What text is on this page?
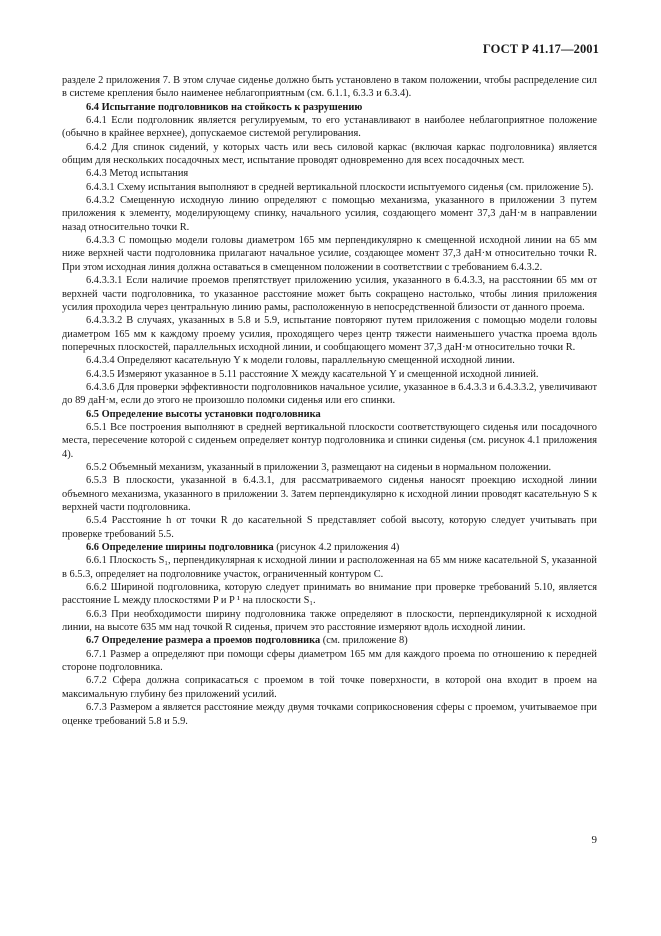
ГОСТ Р 41.17—2001

разделе 2 приложения 7. В этом случае сиденье должно быть установлено в таком положении, чтобы распределение сил в системе крепления было наименее неблагоприятным (см. 6.1.1, 6.3.3 и 6.3.4).

6.4 Испытание подголовников на стойкость к разрушению

6.4.1 Если подголовник является регулируемым, то его устанавливают в наиболее неблагоприятное положение (обычно в крайнее верхнее), допускаемое системой регулирования.

6.4.2 Для спинок сидений, у которых часть или весь силовой каркас (включая каркас подголовника) является общим для нескольких посадочных мест, испытание проводят одновременно для всех посадочных мест.

6.4.3 Метод испытания

6.4.3.1 Схему испытания выполняют в средней вертикальной плоскости испытуемого сиденья (см. приложение 5).

6.4.3.2 Смещенную исходную линию определяют с помощью механизма, указанного в приложении 3 путем приложения к элементу, моделирующему спинку, начального усилия, создающего момент 37,3 даН·м в направлении назад относительно точки R.

6.4.3.3 С помощью модели головы диаметром 165 мм перпендикулярно к смещенной исходной линии на 65 мм ниже верхней части подголовника прилагают начальное усилие, создающее момент 37,3 даН·м относительно точки R. При этом исходная линия должна оставаться в смещенном положении в соответствии с требованием 6.4.3.2.

6.4.3.3.1 Если наличие проемов препятствует приложению усилия, указанного в 6.4.3.3, на расстоянии 65 мм от верхней части подголовника, то указанное расстояние может быть сокращено настолько, чтобы линия приложения усилия проходила через центральную линию рамы, расположенную в непосредственной близости от данного проема.

6.4.3.3.2 В случаях, указанных в 5.8 и 5.9, испытание повторяют путем приложения с помощью модели головы диаметром 165 мм к каждому проему усилия, проходящего через центр тяжести наименьшего участка проема вдоль поперечных плоскостей, параллельных исходной линии, и сообщающего момент 37,3 даН·м относительно точки R.

6.4.3.4 Определяют касательную Y к модели головы, параллельную смещенной исходной линии.

6.4.3.5 Измеряют указанное в 5.11 расстояние X между касательной Y и смещенной исходной линией.

6.4.3.6 Для проверки эффективности подголовников начальное усилие, указанное в 6.4.3.3 и 6.4.3.3.2, увеличивают до 89 даН·м, если до этого не произошло поломки сиденья или его спинки.

6.5 Определение высоты установки подголовника

6.5.1 Все построения выполняют в средней вертикальной плоскости соответствующего сиденья или посадочного места, пересечение которой с сиденьем определяет контур подголовника и спинки сиденья (см. рисунок 4.1 приложения 4).

6.5.2 Объемный механизм, указанный в приложении 3, размещают на сиденьи в нормальном положении.

6.5.3 В плоскости, указанной в 6.4.3.1, для рассматриваемого сиденья наносят проекцию исходной линии объемного механизма, указанного в приложении 3. Затем перпендикулярно к исходной линии проводят касательную S к верхней части подголовника.

6.5.4 Расстояние h от точки R до касательной S представляет собой высоту, которую следует учитывать при проверке требований 5.5.

6.6 Определение ширины подголовника (рисунок 4.2 приложения 4)

6.6.1 Плоскость S₁, перпендикулярная к исходной линии и расположенная на 65 мм ниже касательной S, указанной в 6.5.3, определяет на подголовнике участок, ограниченный контуром C.

6.6.2 Шириной подголовника, которую следует принимать во внимание при проверке требований 5.10, является расстояние L между плоскостями P и P ¹ на плоскости S₁.

6.6.3 При необходимости ширину подголовника также определяют в плоскости, перпендикулярной к исходной линии, на высоте 635 мм над точкой R сиденья, причем это расстояние измеряют вдоль исходной линии.

6.7 Определение размера a проемов подголовника (см. приложение 8)

6.7.1 Размер a определяют при помощи сферы диаметром 165 мм для каждого проема по отношению к передней стороне подголовника.

6.7.2 Сфера должна соприкасаться с проемом в той точке поверхности, в которой она входит в проем на максимальную глубину без приложений усилий.

6.7.3 Размером a является расстояние между двумя точками соприкосновения сферы с проемом, учитываемое при оценке требований 5.8 и 5.9.

9
